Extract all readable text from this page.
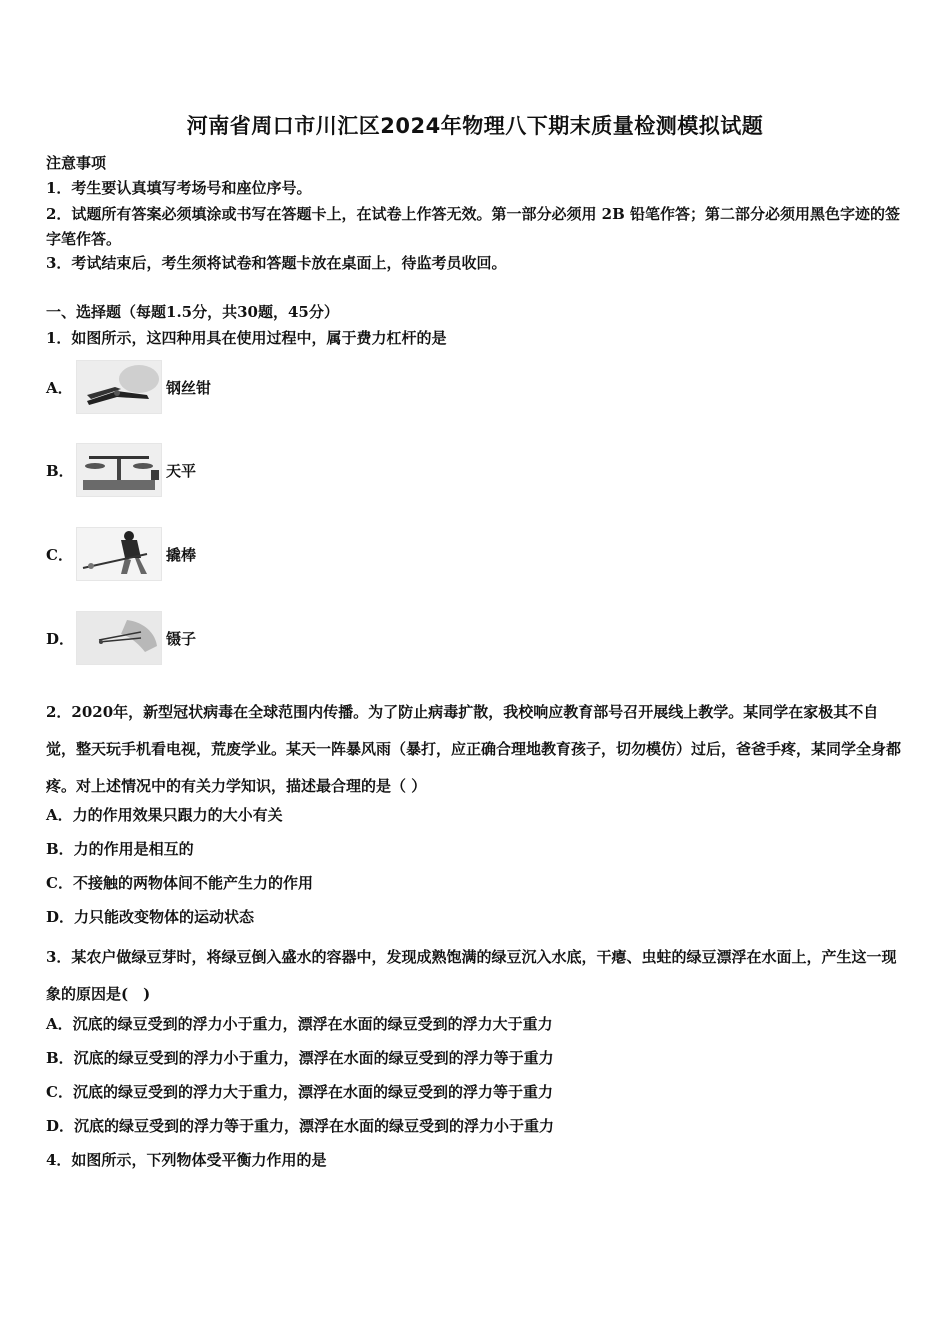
河南省周口市川汇区2024年物理八下期末质量检测模拟试题
注意事项
1．考生要认真填写考场号和座位序号。
2．试题所有答案必须填涂或书写在答题卡上，在试卷上作答无效。第一部分必须用 2B 铅笔作答；第二部分必须用黑色字迹的签字笔作答。
3．考试结束后，考生须将试卷和答题卡放在桌面上，待监考员收回。
一、选择题（每题1.5分，共30题，45分）
1．如图所示，这四种用具在使用过程中，属于费力杠杆的是
A．	钢丝钳
B．	天平
C．	撬棒
D．	镊子
2．2020年，新型冠状病毒在全球范围内传播。为了防止病毒扩散，我校响应教育部号召开展线上教学。某同学在家极其不自觉，整天玩手机看电视，荒废学业。某天一阵暴风雨（暴打，应正确合理地教育孩子，切勿模仿）过后，爸爸手疼，某同学全身都疼。对上述情况中的有关力学知识，描述最合理的是（ ）
A．力的作用效果只跟力的大小有关
B．力的作用是相互的
C．不接触的两物体间不能产生力的作用
D．力只能改变物体的运动状态
3．某农户做绿豆芽时，将绿豆倒入盛水的容器中，发现成熟饱满的绿豆沉入水底，干瘪、虫蛀的绿豆漂浮在水面上，产生这一现象的原因是(　)
A．沉底的绿豆受到的浮力小于重力，漂浮在水面的绿豆受到的浮力大于重力
B．沉底的绿豆受到的浮力小于重力，漂浮在水面的绿豆受到的浮力等于重力
C．沉底的绿豆受到的浮力大于重力，漂浮在水面的绿豆受到的浮力等于重力
D．沉底的绿豆受到的浮力等于重力，漂浮在水面的绿豆受到的浮力小于重力
4．如图所示，下列物体受平衡力作用的是
